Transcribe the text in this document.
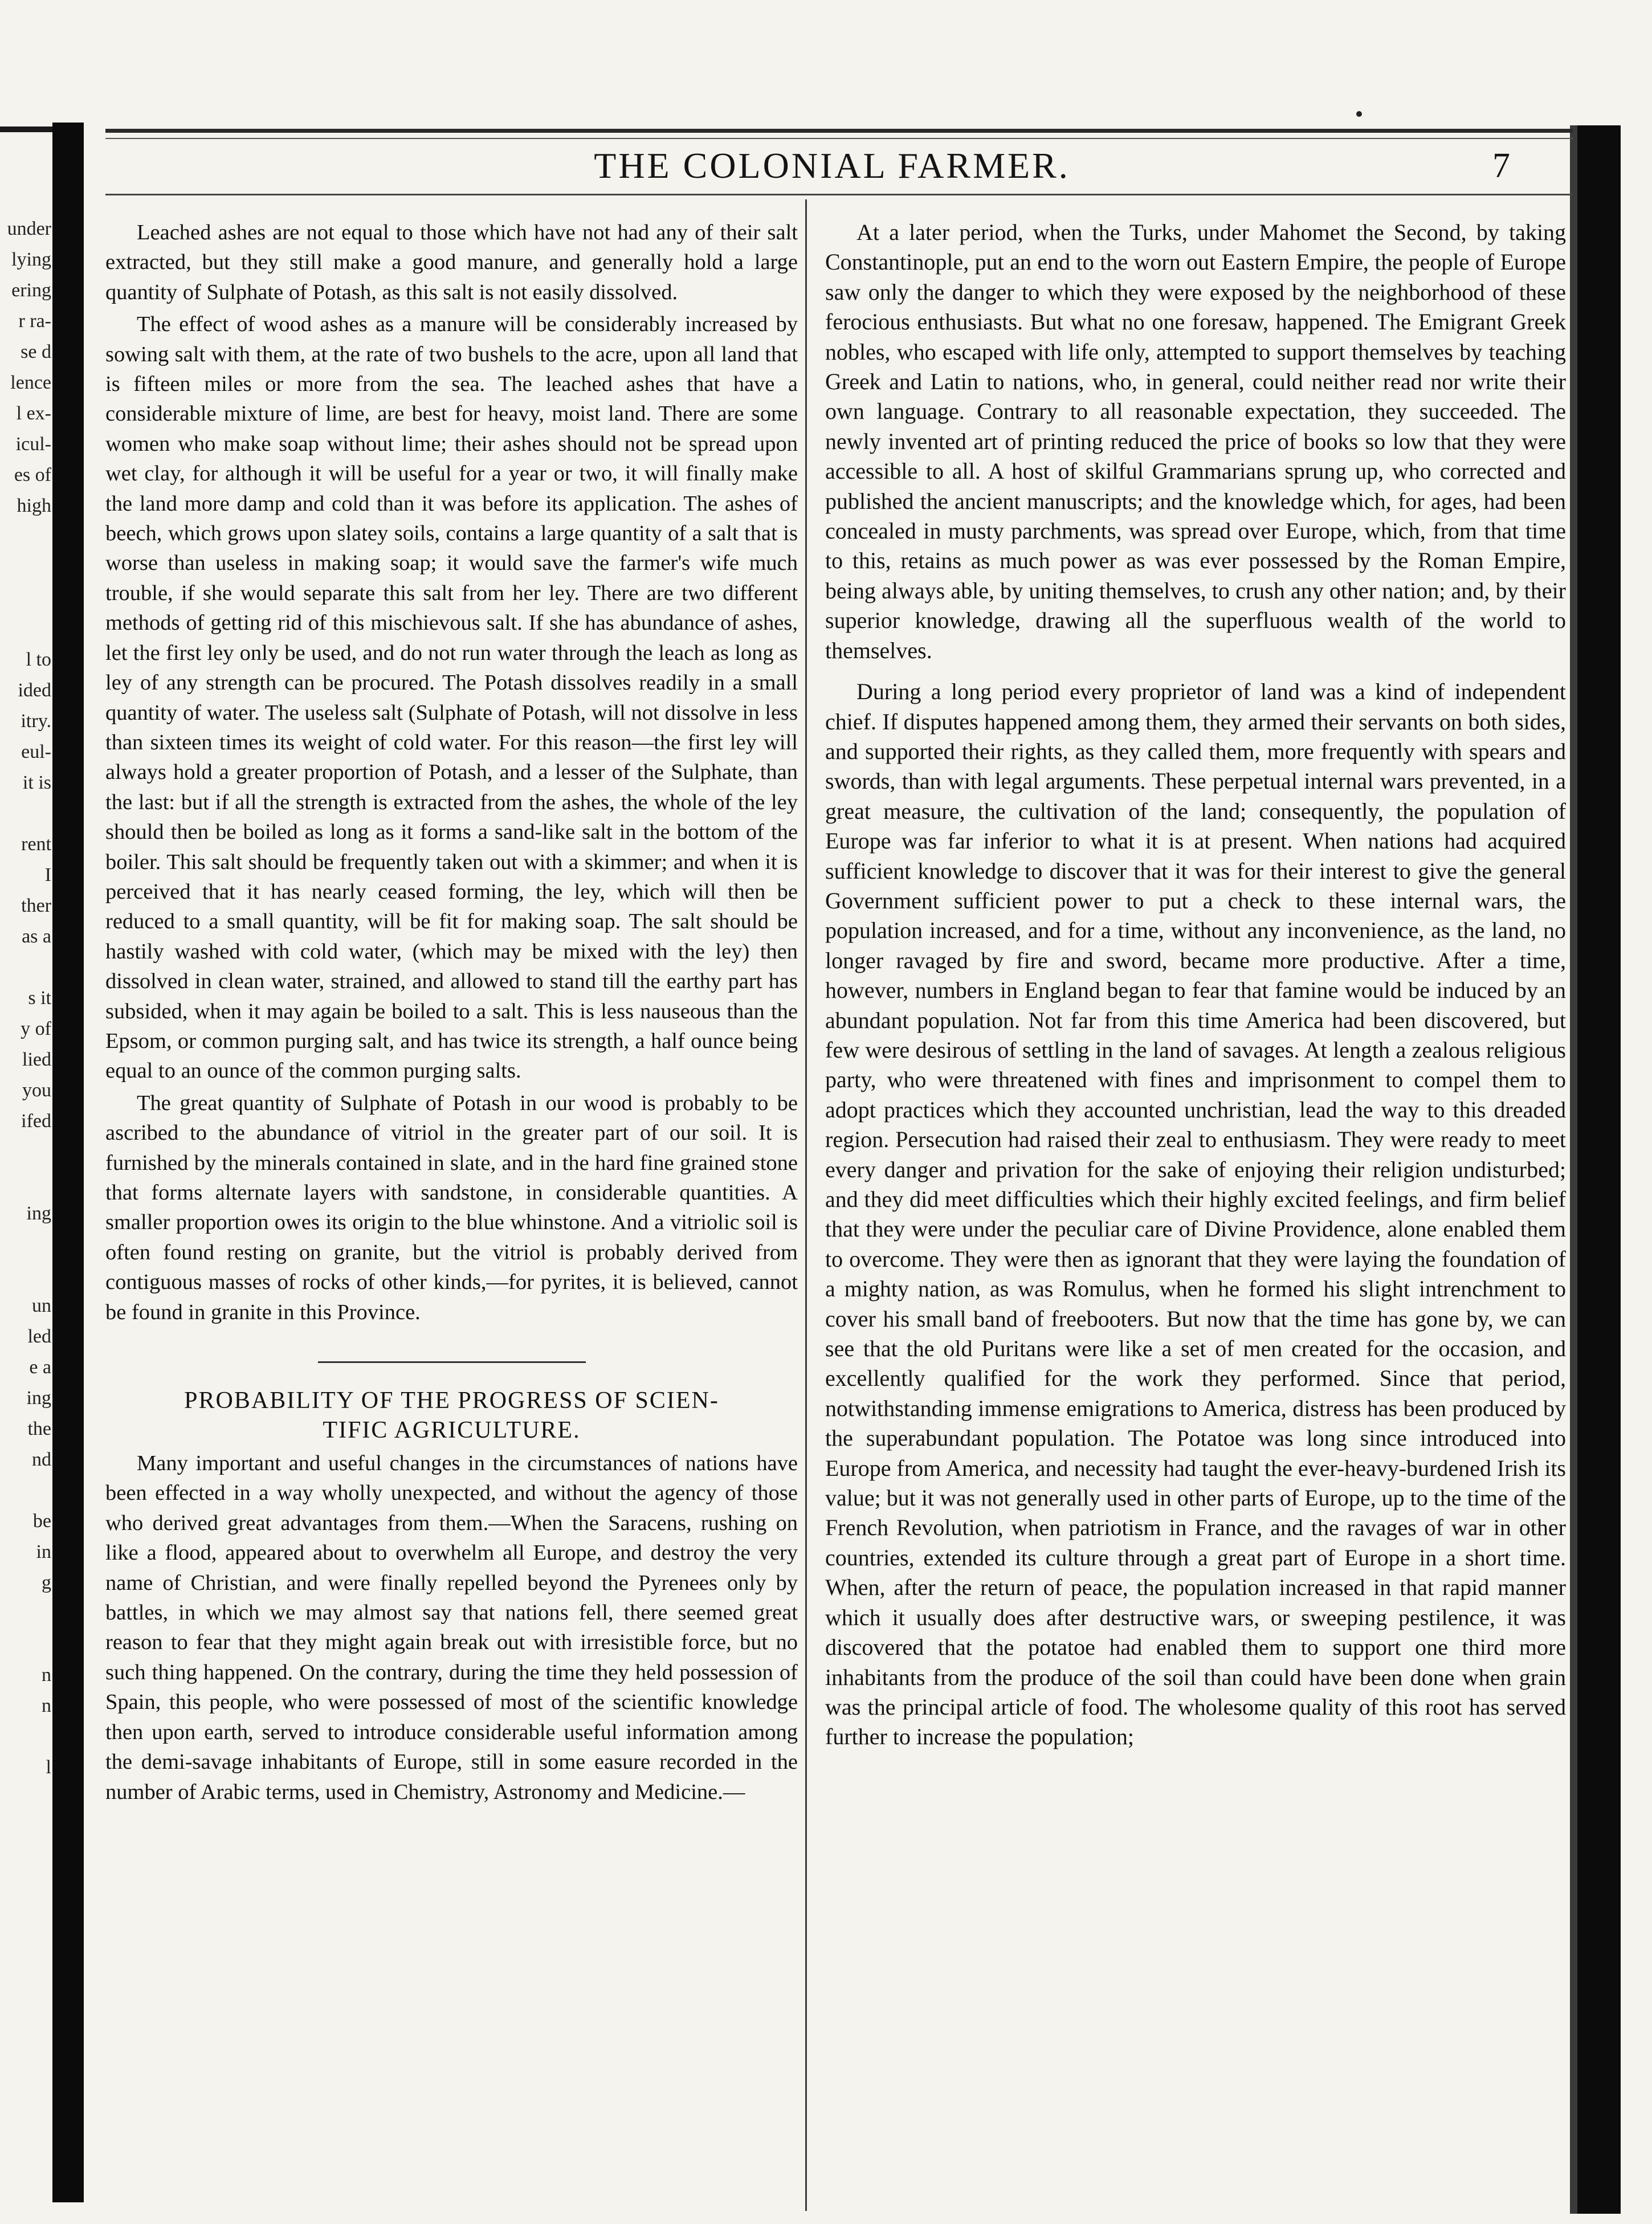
under
lying
ering
r ra-
se d
lence
l ex-
icul-
es of
high
l to
ided
itry.
eul-
it is
rent
I
ther
as a
s it
y of
lied
you
ifed
ing
un
led
e a
ing
the
nd
be
in
g
n
n
l
THE COLONIAL FARMER.	7

Leached ashes are not equal to those which have not had any of their salt extracted, but they still make a good manure, and generally hold a large quantity of Sulphate of Potash, as this salt is not easily dissolved.

The effect of wood ashes as a manure will be considerably increased by sowing salt with them, at the rate of two bushels to the acre, upon all land that is fifteen miles or more from the sea. The leached ashes that have a considerable mixture of lime, are best for heavy, moist land. There are some women who make soap without lime; their ashes should not be spread upon wet clay, for although it will be useful for a year or two, it will finally make the land more damp and cold than it was before its application. The ashes of beech, which grows upon slatey soils, contains a large quantity of a salt that is worse than useless in making soap; it would save the farmer's wife much trouble, if she would separate this salt from her ley. There are two different methods of getting rid of this mischievous salt. If she has abundance of ashes, let the first ley only be used, and do not run water through the leach as long as ley of any strength can be procured. The Potash dissolves readily in a small quantity of water. The useless salt (Sulphate of Potash, will not dissolve in less than sixteen times its weight of cold water. For this reason—the first ley will always hold a greater proportion of Potash, and a lesser of the Sulphate, than the last: but if all the strength is extracted from the ashes, the whole of the ley should then be boiled as long as it forms a sand-like salt in the bottom of the boiler. This salt should be frequently taken out with a skimmer; and when it is perceived that it has nearly ceased forming, the ley, which will then be reduced to a small quantity, will be fit for making soap. The salt should be hastily washed with cold water, (which may be mixed with the ley) then dissolved in clean water, strained, and allowed to stand till the earthy part has subsided, when it may again be boiled to a salt. This is less nauseous than the Epsom, or common purging salt, and has twice its strength, a half ounce being equal to an ounce of the common purging salts.

The great quantity of Sulphate of Potash in our wood is probably to be ascribed to the abundance of vitriol in the greater part of our soil. It is furnished by the minerals contained in slate, and in the hard fine grained stone that forms alternate layers with sandstone, in considerable quantities. A smaller proportion owes its origin to the blue whinstone. And a vitriolic soil is often found resting on granite, but the vitriol is probably derived from contiguous masses of rocks of other kinds,—for pyrites, it is believed, cannot be found in granite in this Province.

PROBABILITY OF THE PROGRESS OF SCIEN-
TIFIC AGRICULTURE.

Many important and useful changes in the circumstances of nations have been effected in a way wholly unexpected, and without the agency of those who derived great advantages from them.—When the Saracens, rushing on like a flood, appeared about to overwhelm all Europe, and destroy the very name of Christian, and were finally repelled beyond the Pyrenees only by battles, in which we may almost say that nations fell, there seemed great reason to fear that they might again break out with irresistible force, but no such thing happened. On the contrary, during the time they held possession of Spain, this people, who were possessed of most of the scientific knowledge then upon earth, served to introduce considerable useful information among the demi-savage inhabitants of Europe, still in some easure recorded in the number of Arabic terms, used in Chemistry, Astronomy and Medicine.—

At a later period, when the Turks, under Mahomet the Second, by taking Constantinople, put an end to the worn out Eastern Empire, the people of Europe saw only the danger to which they were exposed by the neighborhood of these ferocious enthusiasts. But what no one foresaw, happened. The Emigrant Greek nobles, who escaped with life only, attempted to support themselves by teaching Greek and Latin to nations, who, in general, could neither read nor write their own language. Contrary to all reasonable expectation, they succeeded. The newly invented art of printing reduced the price of books so low that they were accessible to all. A host of skilful Grammarians sprung up, who corrected and published the ancient manuscripts; and the knowledge which, for ages, had been concealed in musty parchments, was spread over Europe, which, from that time to this, retains as much power as was ever possessed by the Roman Empire, being always able, by uniting themselves, to crush any other nation; and, by their superior knowledge, drawing all the superfluous wealth of the world to themselves.

During a long period every proprietor of land was a kind of independent chief. If disputes happened among them, they armed their servants on both sides, and supported their rights, as they called them, more frequently with spears and swords, than with legal arguments. These perpetual internal wars prevented, in a great measure, the cultivation of the land; consequently, the population of Europe was far inferior to what it is at present. When nations had acquired sufficient knowledge to discover that it was for their interest to give the general Government sufficient power to put a check to these internal wars, the population increased, and for a time, without any inconvenience, as the land, no longer ravaged by fire and sword, became more productive. After a time, however, numbers in England began to fear that famine would be induced by an abundant population. Not far from this time America had been discovered, but few were desirous of settling in the land of savages. At length a zealous religious party, who were threatened with fines and imprisonment to compel them to adopt practices which they accounted unchristian, lead the way to this dreaded region. Persecution had raised their zeal to enthusiasm. They were ready to meet every danger and privation for the sake of enjoying their religion undisturbed; and they did meet difficulties which their highly excited feelings, and firm belief that they were under the peculiar care of Divine Providence, alone enabled them to overcome. They were then as ignorant that they were laying the foundation of a mighty nation, as was Romulus, when he formed his slight intrenchment to cover his small band of freebooters. But now that the time has gone by, we can see that the old Puritans were like a set of men created for the occasion, and excellently qualified for the work they performed. Since that period, notwithstanding immense emigrations to America, distress has been produced by the superabundant population. The Potatoe was long since introduced into Europe from America, and necessity had taught the ever-heavy-burdened Irish its value; but it was not generally used in other parts of Europe, up to the time of the French Revolution, when patriotism in France, and the ravages of war in other countries, extended its culture through a great part of Europe in a short time. When, after the return of peace, the population increased in that rapid manner which it usually does after destructive wars, or sweeping pestilence, it was discovered that the potatoe had enabled them to support one third more inhabitants from the produce of the soil than could have been done when grain was the principal article of food. The wholesome quality of this root has served further to increase the population;
